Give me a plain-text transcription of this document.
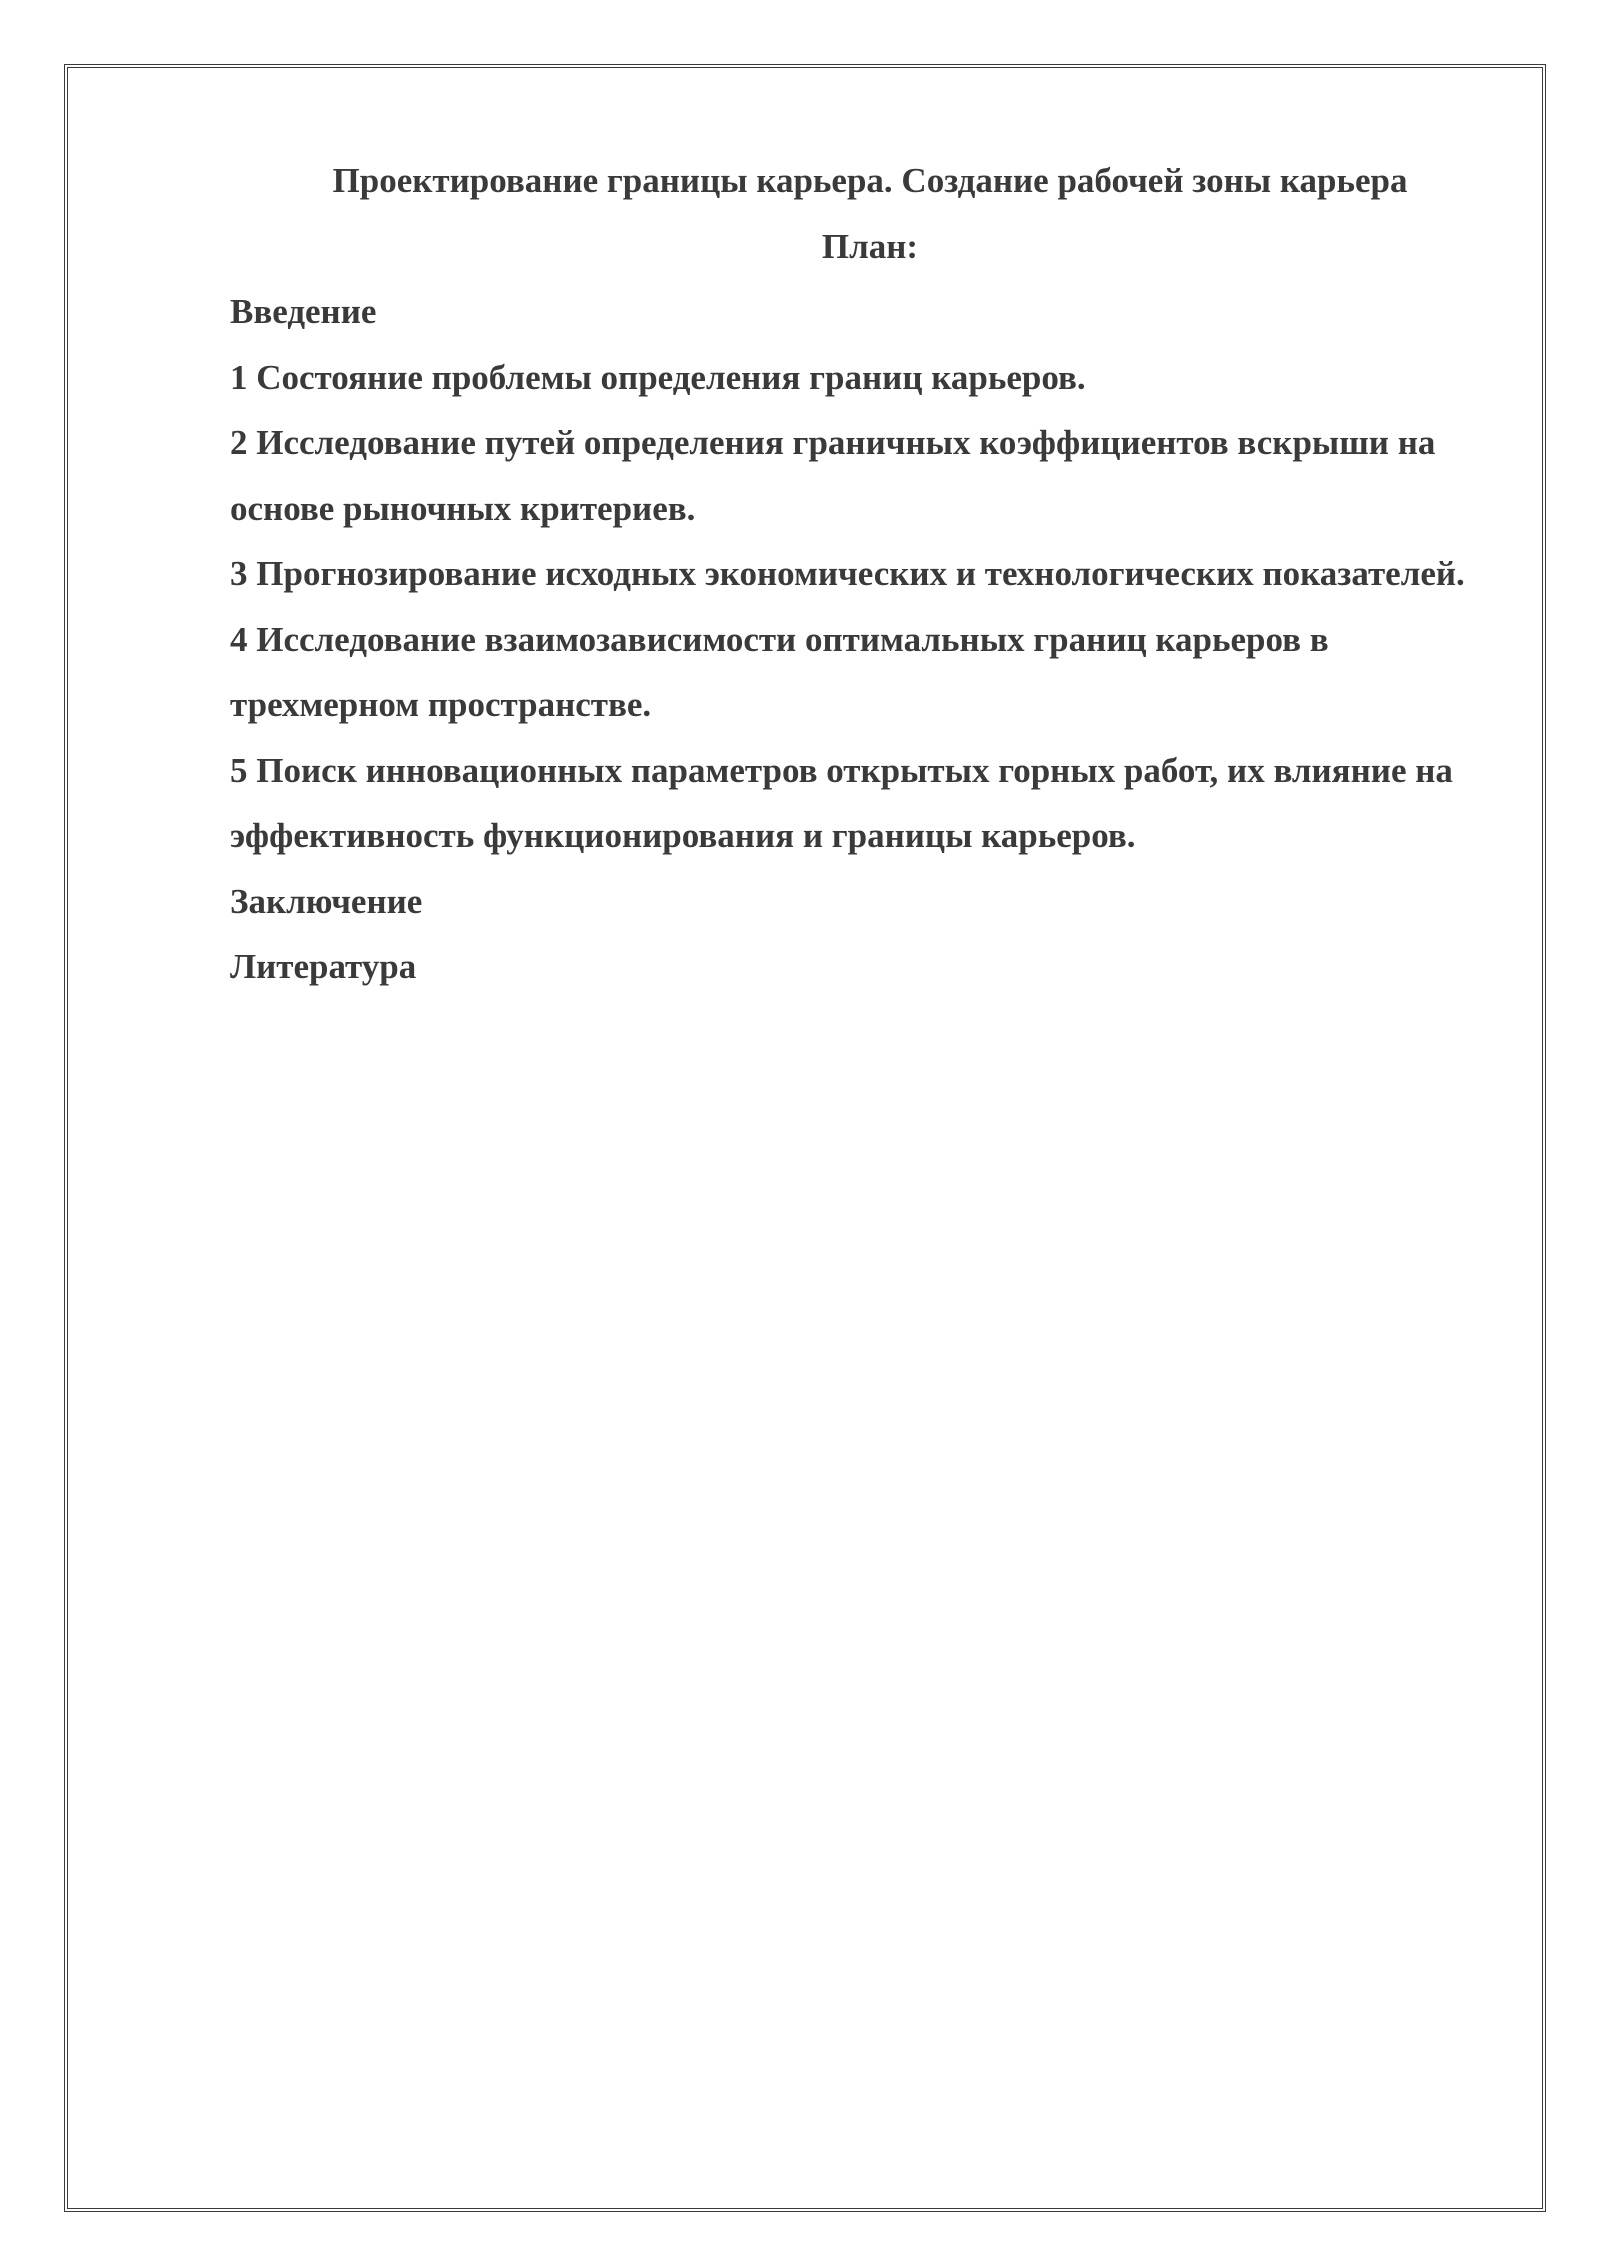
Проектирование границы карьера. Создание рабочей зоны карьера

План:

Введение

1 Состояние проблемы определения границ карьеров.

2 Исследование путей определения граничных коэффициентов вскрыши на основе рыночных критериев.

3 Прогнозирование исходных экономических и технологических показателей.

4 Исследование взаимозависимости оптимальных границ карьеров в трехмерном пространстве.

5 Поиск инновационных параметров открытых горных работ, их влияние на эффективность функционирования и границы карьеров.

Заключение

Литература
